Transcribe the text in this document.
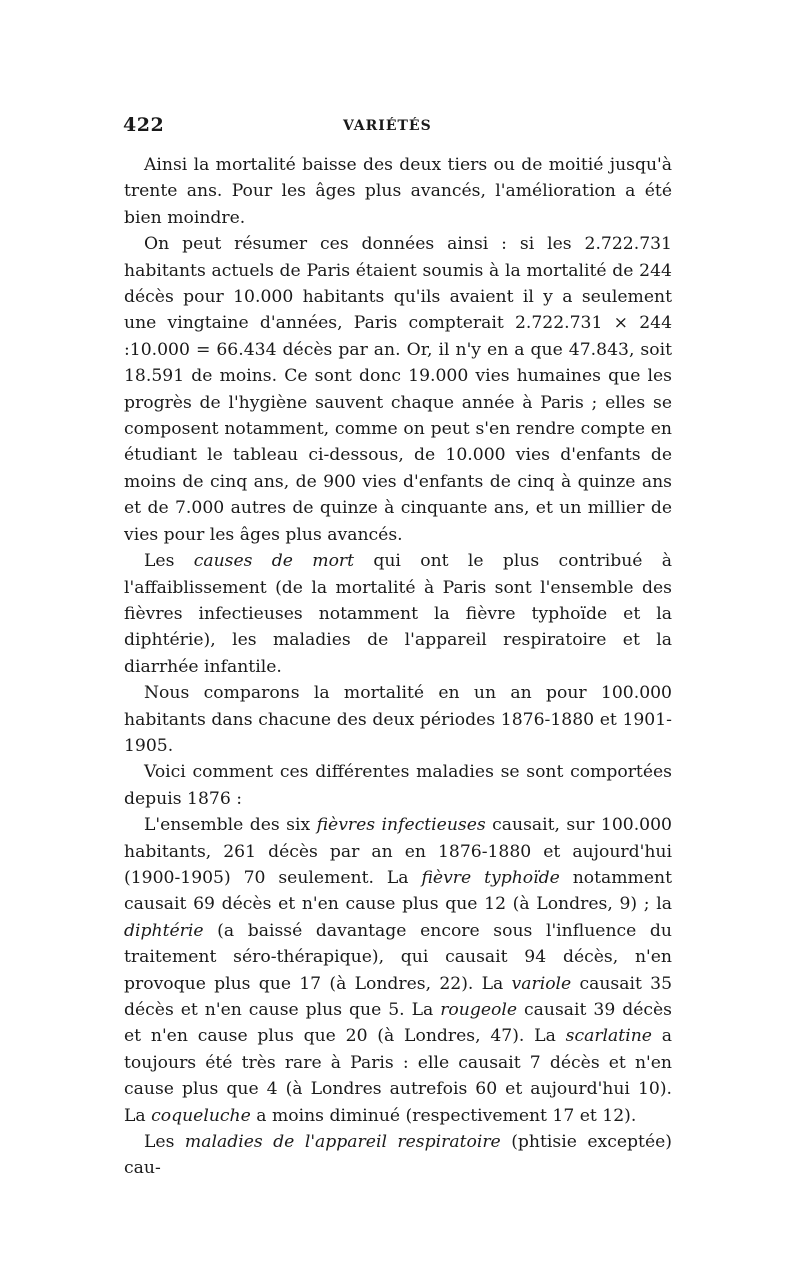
422	VARIÉTÉS

Ainsi la mortalité baisse des deux tiers ou de moitié jusqu'à trente ans. Pour les âges plus avancés, l'amélioration a été bien moindre.

On peut résumer ces données ainsi : si les 2.722.731 habitants actuels de Paris étaient soumis à la mortalité de 244 décès pour 10.000 habitants qu'ils avaient il y a seulement une vingtaine d'années, Paris compterait 2.722.731 × 244 :10.000 = 66.434 décès par an. Or, il n'y en a que 47.843, soit 18.591 de moins. Ce sont donc 19.000 vies humaines que les progrès de l'hygiène sauvent chaque année à Paris ; elles se composent notamment, comme on peut s'en rendre compte en étudiant le tableau ci-dessous, de 10.000 vies d'enfants de moins de cinq ans, de 900 vies d'enfants de cinq à quinze ans et de 7.000 autres de quinze à cinquante ans, et un millier de vies pour les âges plus avancés.

Les causes de mort qui ont le plus contribué à l'affaiblissement (de la mortalité à Paris sont l'ensemble des fièvres infectieuses notamment la fièvre typhoïde et la diphtérie), les maladies de l'appareil respiratoire et la diarrhée infantile.

Nous comparons la mortalité en un an pour 100.000 habitants dans chacune des deux périodes 1876-1880 et 1901-1905.

Voici comment ces différentes maladies se sont comportées depuis 1876 :

L'ensemble des six fièvres infectieuses causait, sur 100.000 habitants, 261 décès par an en 1876-1880 et aujourd'hui (1900-1905) 70 seulement. La fièvre typhoïde notamment causait 69 décès et n'en cause plus que 12 (à Londres, 9) ; la diphtérie (a baissé davantage encore sous l'influence du traitement séro-thérapique), qui causait 94 décès, n'en provoque plus que 17 (à Londres, 22). La variole causait 35 décès et n'en cause plus que 5. La rougeole causait 39 décès et n'en cause plus que 20 (à Londres, 47). La scarlatine a toujours été très rare à Paris : elle causait 7 décès et n'en cause plus que 4 (à Londres autrefois 60 et aujourd'hui 10). La coqueluche a moins diminué (respectivement 17 et 12).

Les maladies de l'appareil respiratoire (phtisie exceptée) cau-
